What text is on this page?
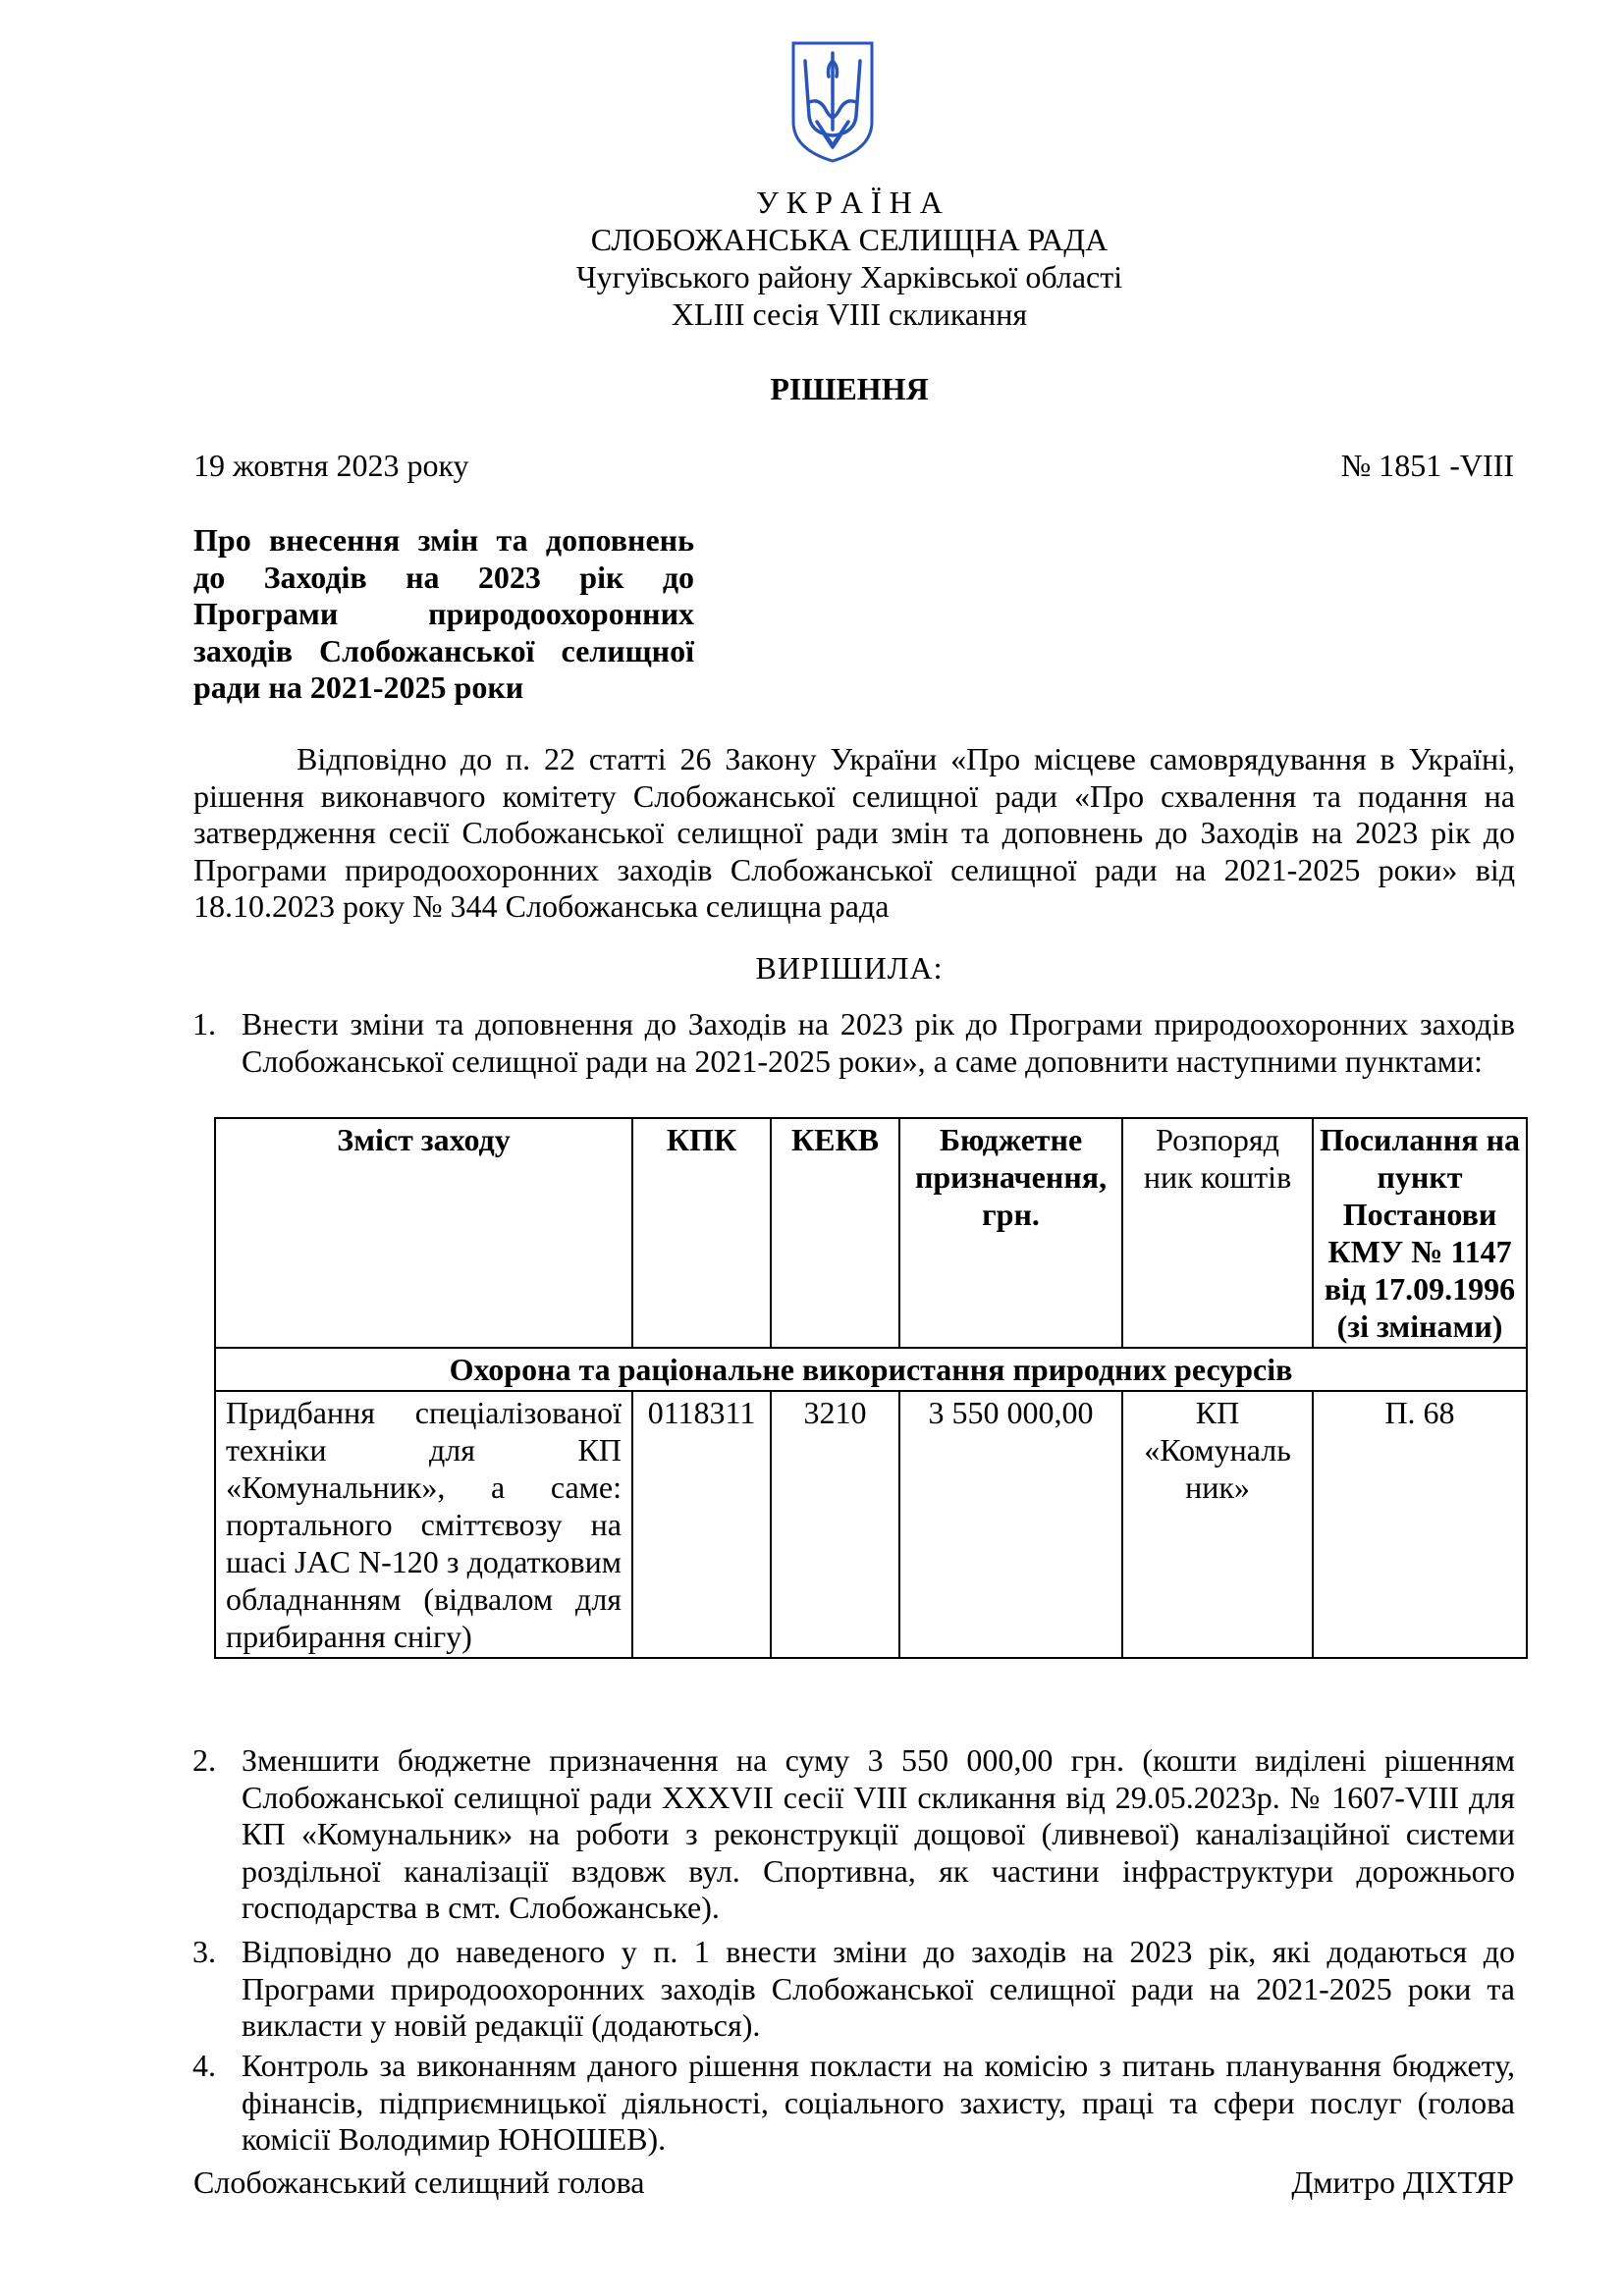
У К Р А Ї Н А
СЛОБОЖАНСЬКА СЕЛИЩНА РАДА
Чугуївського району Харківської області
XLIII сесія VIII скликання
РІШЕННЯ
19 жовтня 2023 року	№ 1851 -VIII
Про внесення змін та доповнень
до Заходів на 2023 рік до
Програми природоохоронних
заходів Слобожанської селищної
ради на 2021-2025 роки

Відповідно до п. 22 статті 26 Закону України «Про місцеве самоврядування в Україні, рішення виконавчого комітету Слобожанської селищної ради «Про схвалення та подання на затвердження сесії Слобожанської селищної ради змін та доповнень до Заходів на 2023 рік до Програми природоохоронних заходів Слобожанської селищної ради на 2021-2025 роки» від 18.10.2023 року № 344 Слобожанська селищна рада

ВИРІШИЛА:
1. Внести зміни та доповнення до Заходів на 2023 рік до Програми природоохоронних заходів Слобожанської селищної ради на 2021-2025 роки», а саме доповнити наступними пунктами:

Зміст заходу	КПК	КЕКВ	Бюджетне призначення, грн.	Розпоряд ник коштів	Посилання на пункт Постанови КМУ № 1147 від 17.09.1996 (зі змінами)
Охорона та раціональне використання природних ресурсів					
Придбання спеціалізованої техніки для КП «Комунальник», а саме: портального сміттєвозу на шасі JAC N-120 з додатковим обладнанням (відвалом для прибирання снігу)	0118311	3210	3 550 000,00	КП «Комуналь ник»	П. 68
2. Зменшити бюджетне призначення на суму 3 550 000,00 грн. (кошти виділені рішенням Слобожанської селищної ради XXXVII сесії VIII скликання від 29.05.2023р. № 1607-VIII для КП «Комунальник» на роботи з реконструкції дощової (ливневої) каналізаційної системи роздільної каналізації вздовж вул. Спортивна, як частини інфраструктури дорожнього господарства в смт. Слобожанське).

3. Відповідно до наведеного у п. 1 внести зміни до заходів на 2023 рік, які додаються до Програми природоохоронних заходів Слобожанської селищної ради на 2021-2025 роки та викласти у новій редакції (додаються).

4. Контроль за виконанням даного рішення покласти на комісію з питань планування бюджету, фінансів, підприємницької діяльності, соціального захисту, праці та сфери послуг (голова комісії Володимир ЮНОШЕВ).

Слобожанський селищний голова	Дмитро ДІХТЯР
